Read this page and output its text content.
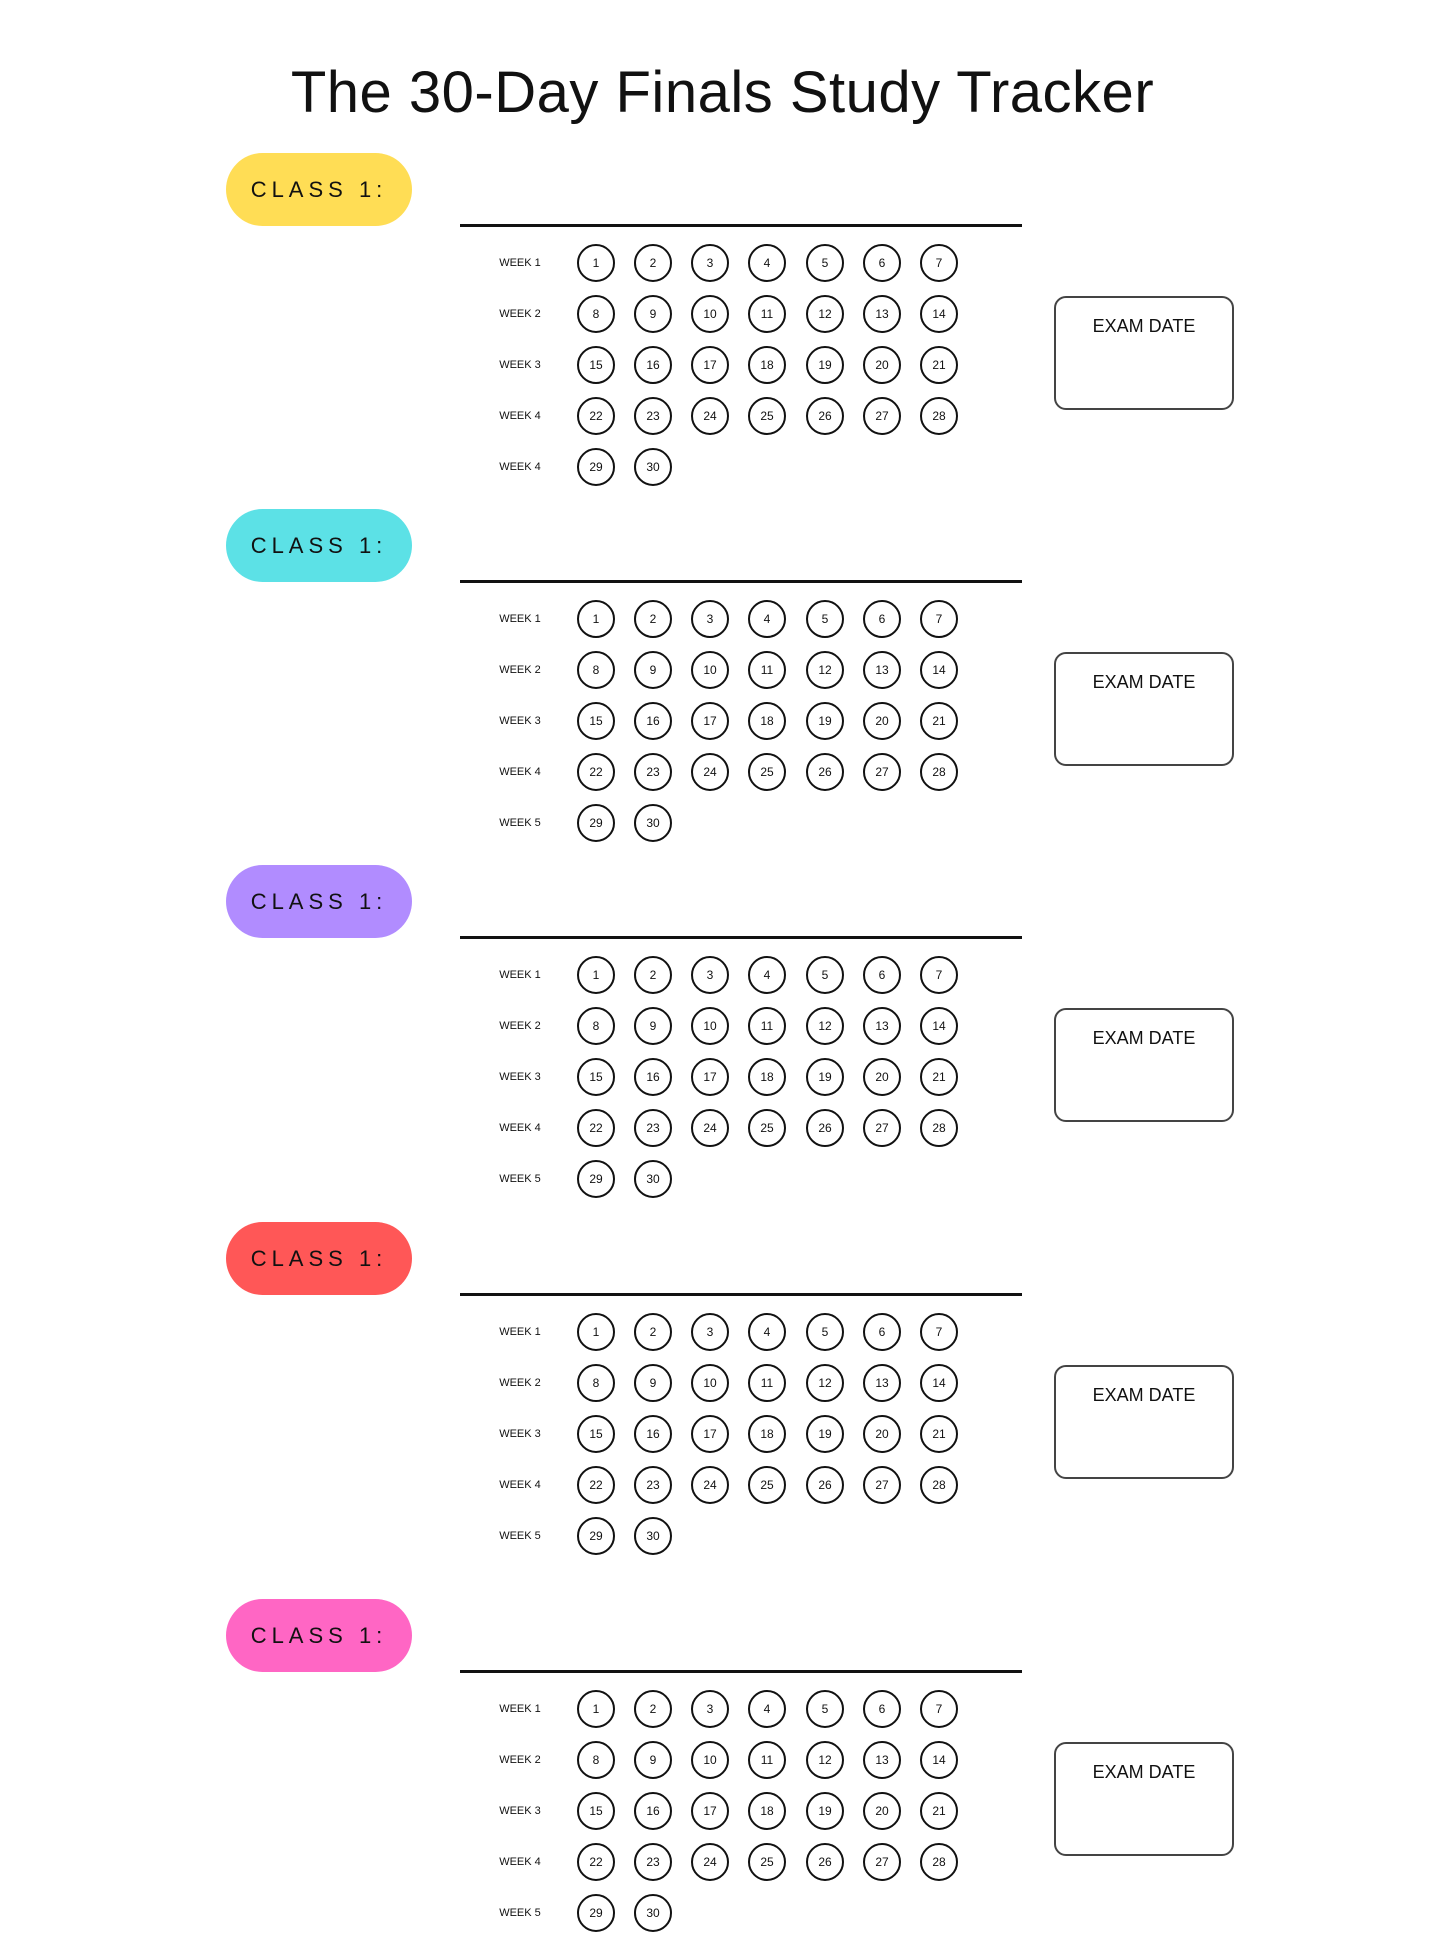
The 30-Day Finals Study Tracker
CLASS 1:
WEEK 1	1	2	3	4	5	6	7
WEEK 2	8	9	10	11	12	13	14
WEEK 3	15	16	17	18	19	20	21
WEEK 4	22	23	24	25	26	27	28
WEEK 4	29	30
EXAM DATE
CLASS 1:
WEEK 1	1	2	3	4	5	6	7
WEEK 2	8	9	10	11	12	13	14
WEEK 3	15	16	17	18	19	20	21
WEEK 4	22	23	24	25	26	27	28
WEEK 5	29	30
EXAM DATE
CLASS 1:
WEEK 1	1	2	3	4	5	6	7
WEEK 2	8	9	10	11	12	13	14
WEEK 3	15	16	17	18	19	20	21
WEEK 4	22	23	24	25	26	27	28
WEEK 5	29	30
EXAM DATE
CLASS 1:
WEEK 1	1	2	3	4	5	6	7
WEEK 2	8	9	10	11	12	13	14
WEEK 3	15	16	17	18	19	20	21
WEEK 4	22	23	24	25	26	27	28
WEEK 5	29	30
EXAM DATE
CLASS 1:
WEEK 1	1	2	3	4	5	6	7
WEEK 2	8	9	10	11	12	13	14
WEEK 3	15	16	17	18	19	20	21
WEEK 4	22	23	24	25	26	27	28
WEEK 5	29	30
EXAM DATE
